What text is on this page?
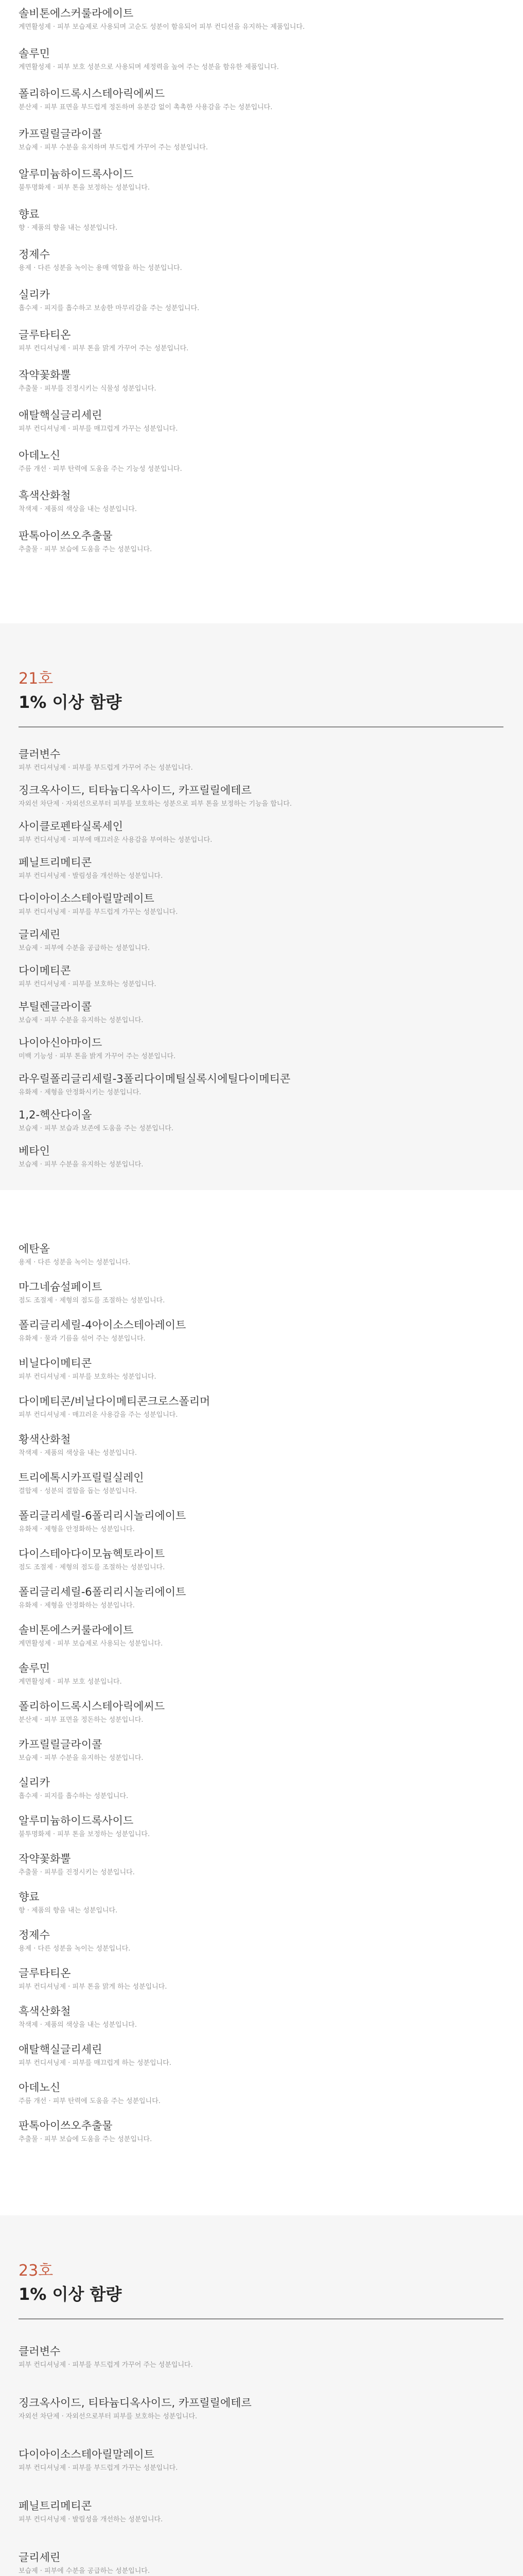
솔비톤에스커룰라에이트

계면활성제 · 피부 보습제로 사용되며 고순도 성분이 함유되어 피부 컨디션을 유지하는 제품입니다.

솔루민

계면활성제 · 피부 보호 성분으로 사용되며 세정력을 높여 주는 성분을 함유한 제품입니다.

폴리하이드록시스테아릭에씨드

분산제 · 피부 표면을 부드럽게 정돈하며 유분감 없이 촉촉한 사용감을 주는 성분입니다.

카프릴릴글라이콜

보습제 · 피부 수분을 유지하며 부드럽게 가꾸어 주는 성분입니다.

알루미늄하이드록사이드

불투명화제 · 피부 톤을 보정하는 성분입니다.

향료

향 · 제품의 향을 내는 성분입니다.

정제수

용제 · 다른 성분을 녹이는 용매 역할을 하는 성분입니다.

실리카

흡수제 · 피지를 흡수하고 보송한 마무리감을 주는 성분입니다.

글루타티온

피부 컨디셔닝제 · 피부 톤을 맑게 가꾸어 주는 성분입니다.

작약꽃화뿔

추출물 · 피부를 진정시키는 식물성 성분입니다.

애탈핵실글리세린

피부 컨디셔닝제 · 피부를 매끄럽게 가꾸는 성분입니다.

아데노신

주름 개선 · 피부 탄력에 도움을 주는 기능성 성분입니다.

흑색산화철

착색제 · 제품의 색상을 내는 성분입니다.

판톡아이쓰오추출물

추출물 · 피부 보습에 도움을 주는 성분입니다.

21호

1% 이상 함량

클러변수

피부 컨디셔닝제 · 피부를 부드럽게 가꾸어 주는 성분입니다.

징크옥사이드, 티타늄디옥사이드, 카프릴릴에테르

자외선 차단제 · 자외선으로부터 피부를 보호하는 성분으로 피부 톤을 보정하는 기능을 합니다.

사이클로펜타실록세인

피부 컨디셔닝제 · 피부에 매끄러운 사용감을 부여하는 성분입니다.

페닐트리메티콘

피부 컨디셔닝제 · 발림성을 개선하는 성분입니다.

다이아이소스테아릴말레이트

피부 컨디셔닝제 · 피부를 부드럽게 가꾸는 성분입니다.

글리세린

보습제 · 피부에 수분을 공급하는 성분입니다.

다이메티콘

피부 컨디셔닝제 · 피부를 보호하는 성분입니다.

부틸렌글라이콜

보습제 · 피부 수분을 유지하는 성분입니다.

나이아신아마이드

미백 기능성 · 피부 톤을 밝게 가꾸어 주는 성분입니다.

라우릴폴리글리세릴-3폴리다이메틸실록시에틸다이메티콘

유화제 · 제형을 안정화시키는 성분입니다.

1,2-헥산다이올

보습제 · 피부 보습과 보존에 도움을 주는 성분입니다.

베타인

보습제 · 피부 수분을 유지하는 성분입니다.

에탄올

용제 · 다른 성분을 녹이는 성분입니다.

마그네슘설페이트

점도 조절제 · 제형의 점도를 조절하는 성분입니다.

폴리글리세릴-4아이소스테아레이트

유화제 · 물과 기름을 섞어 주는 성분입니다.

비닐다이메티콘

피부 컨디셔닝제 · 피부를 보호하는 성분입니다.

다이메티콘/비닐다이메티콘크로스폴리머

피부 컨디셔닝제 · 매끄러운 사용감을 주는 성분입니다.

황색산화철

착색제 · 제품의 색상을 내는 성분입니다.

트리에톡시카프릴릴실레인

결합제 · 성분의 결합을 돕는 성분입니다.

폴리글리세릴-6폴리리시놀리에이트

유화제 · 제형을 안정화하는 성분입니다.

다이스테아다이모늄헥토라이트

점도 조절제 · 제형의 점도를 조절하는 성분입니다.

폴리글리세릴-6폴리리시놀리에이트

유화제 · 제형을 안정화하는 성분입니다.

솔비톤에스커룰라에이트

계면활성제 · 피부 보습제로 사용되는 성분입니다.

솔루민

계면활성제 · 피부 보호 성분입니다.

폴리하이드록시스테아릭에씨드

분산제 · 피부 표면을 정돈하는 성분입니다.

카프릴릴글라이콜

보습제 · 피부 수분을 유지하는 성분입니다.

실리카

흡수제 · 피지를 흡수하는 성분입니다.

알루미늄하이드록사이드

불투명화제 · 피부 톤을 보정하는 성분입니다.

작약꽃화뿔

추출물 · 피부를 진정시키는 성분입니다.

향료

향 · 제품의 향을 내는 성분입니다.

정제수

용제 · 다른 성분을 녹이는 성분입니다.

글루타티온

피부 컨디셔닝제 · 피부 톤을 맑게 하는 성분입니다.

흑색산화철

착색제 · 제품의 색상을 내는 성분입니다.

애탈핵실글리세린

피부 컨디셔닝제 · 피부를 매끄럽게 하는 성분입니다.

아데노신

주름 개선 · 피부 탄력에 도움을 주는 성분입니다.

판톡아이쓰오추출물

추출물 · 피부 보습에 도움을 주는 성분입니다.

23호

1% 이상 함량

클러변수

피부 컨디셔닝제 · 피부를 부드럽게 가꾸어 주는 성분입니다.

징크옥사이드, 티타늄디옥사이드, 카프릴릴에테르

자외선 차단제 · 자외선으로부터 피부를 보호하는 성분입니다.

다이아이소스테아릴말레이트

피부 컨디셔닝제 · 피부를 부드럽게 가꾸는 성분입니다.

페닐트리메티콘

피부 컨디셔닝제 · 발림성을 개선하는 성분입니다.

글리세린

보습제 · 피부에 수분을 공급하는 성분입니다.
